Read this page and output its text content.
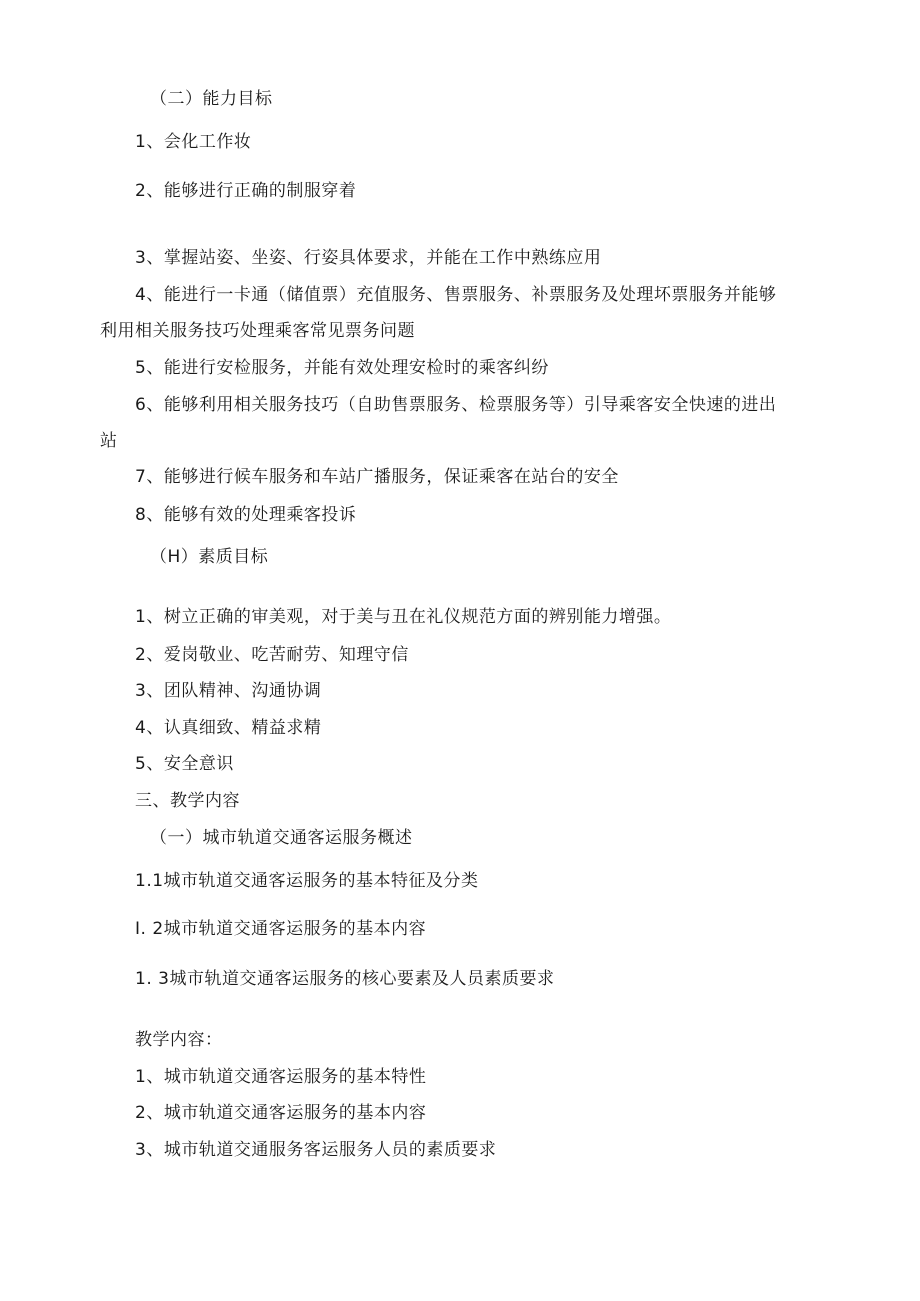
（二）能力目标
1、会化工作妆
2、能够进行正确的制服穿着
3、掌握站姿、坐姿、行姿具体要求，并能在工作中熟练应用
4、能进行一卡通（储值票）充值服务、售票服务、补票服务及处理坏票服务并能够
利用相关服务技巧处理乘客常见票务问题
5、能进行安检服务，并能有效处理安检时的乘客纠纷
6、能够利用相关服务技巧（自助售票服务、检票服务等）引导乘客安全快速的进出
站
7、能够进行候车服务和车站广播服务，保证乘客在站台的安全
8、能够有效的处理乘客投诉
（H）素质目标
1、树立正确的审美观，对于美与丑在礼仪规范方面的辨别能力增强。
2、爱岗敬业、吃苦耐劳、知理守信
3、团队精神、沟通协调
4、认真细致、精益求精
5、安全意识
三、教学内容
（一）城市轨道交通客运服务概述
1.1城市轨道交通客运服务的基本特征及分类
I. 2城市轨道交通客运服务的基本内容
1. 3城市轨道交通客运服务的核心要素及人员素质要求
教学内容：
1、城市轨道交通客运服务的基本特性
2、城市轨道交通客运服务的基本内容
3、城市轨道交通服务客运服务人员的素质要求
